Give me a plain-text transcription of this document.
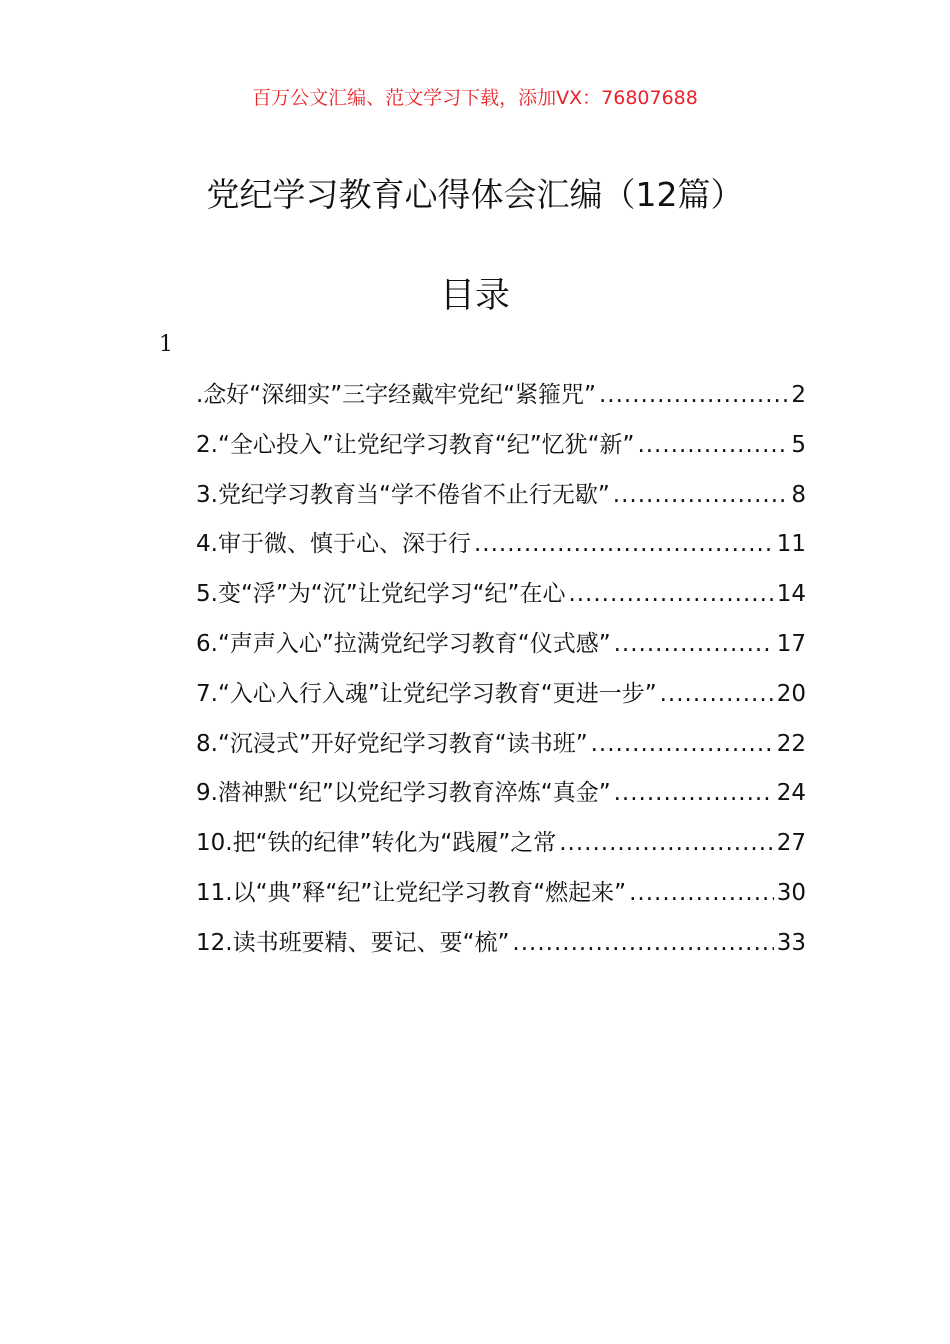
百万公文汇编、范文学习下载，添加VX：76807688
党纪学习教育心得体会汇编（12篇）
目录
1
.念好“深细实”三字经戴牢党纪“紧箍咒” .....	2
2.“全心投入”让党纪学习教育“纪”忆犹“新” .....	5
3.党纪学习教育当“学不倦省不止行无歇” .....	8
4.审于微、慎于心、深于行 .....	11
5.变“浮”为“沉”让党纪学习“纪”在心 .....	14
6.“声声入心”拉满党纪学习教育“仪式感” .....	17
7.“入心入行入魂”让党纪学习教育“更进一步” .....	20
8.“沉浸式”开好党纪学习教育“读书班” .....	22
9.潜神默“纪”以党纪学习教育淬炼“真金” .....	24
10.把“铁的纪律”转化为“践履”之常 .....	27
11.以“典”释“纪”让党纪学习教育“燃起来” .....	30
12.读书班要精、要记、要“梳” .....	33
